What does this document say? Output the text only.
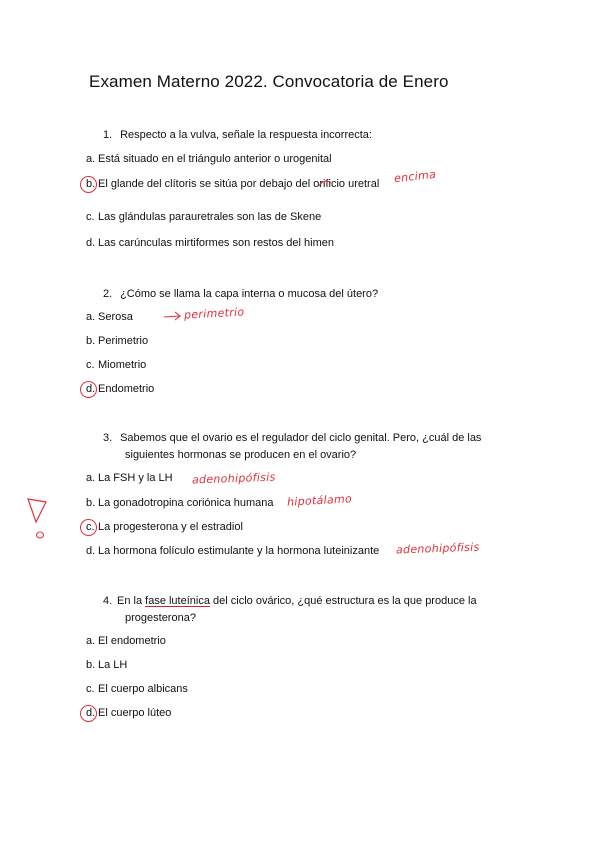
Examen Materno 2022. Convocatoria de Enero
1. Respecto a la vulva, señale la respuesta incorrecta:
a. Está situado en el triángulo anterior o urogenital
b. El glande del clítoris se sitúa por debajo del orificio uretral
c. Las glándulas parauretrales son las de Skene
d. Las carúnculas mirtiformes son restos del himen
2. ¿Cómo se llama la capa interna o mucosa del útero?
a. Serosa
b. Perimetrio
c. Miometrio
d. Endometrio
3. Sabemos que el ovario es el regulador del ciclo genital. Pero, ¿cuál de las
siguientes hormonas se producen en el ovario?
a. La FSH y la LH
b. La gonadotropina coriónica humana
c. La progesterona y el estradiol
d. La hormona folículo estimulante y la hormona luteinizante
4. En la fase luteínica del ciclo ovárico, ¿qué estructura es la que produce la
progesterona?
a. El endometrio
b. La LH
c. El cuerpo albicans
d. El cuerpo lúteo
encima
perimetrio
adenohipófisis
hipotálamo
adenohipófisis
